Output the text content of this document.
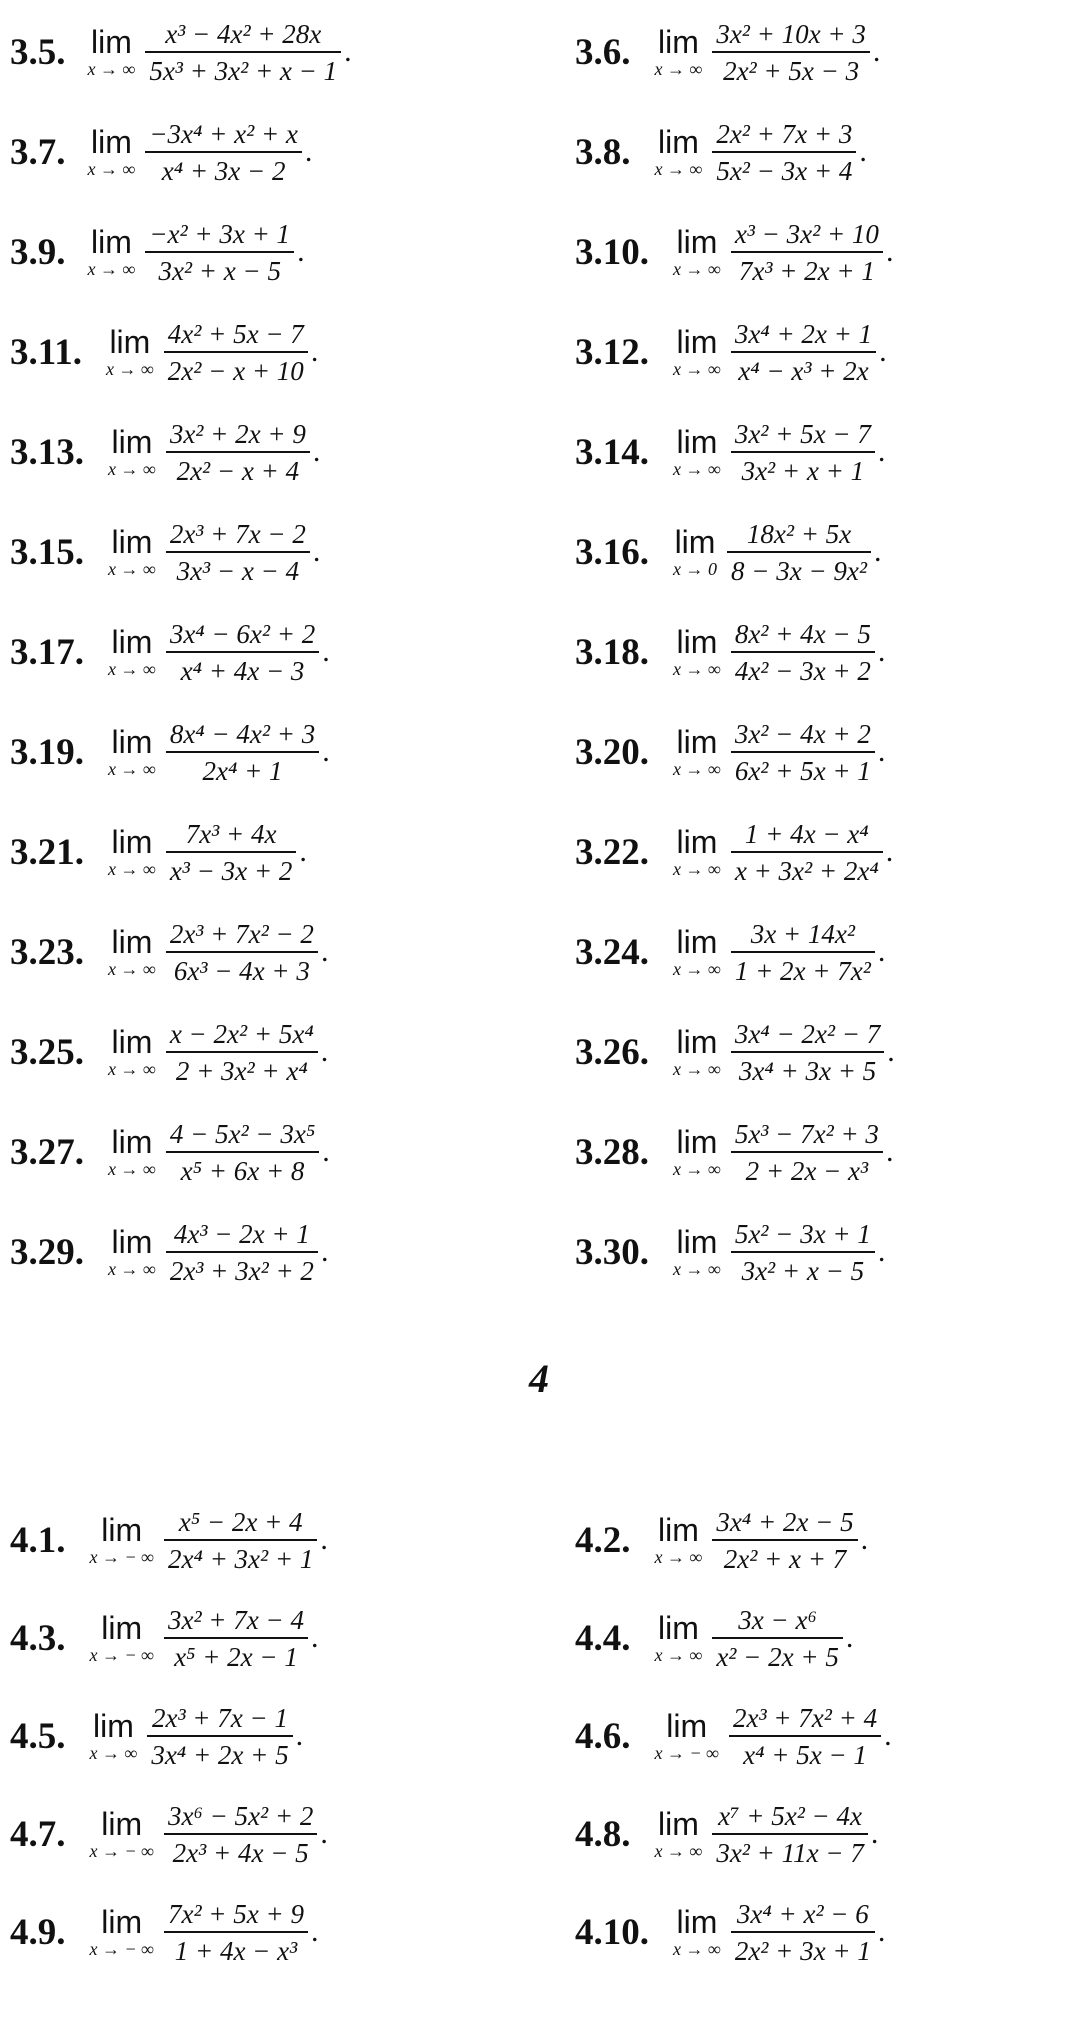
3.5. lim
x → ∞ $\frac{\text{x³ − 4x² + 28x}}{\text{5x³ + 3x² + x − 1}}$ .	3.6. lim
x → ∞ $\frac{\text{3x² + 10x + 3}}{\text{2x² + 5x − 3}}$ .
3.7. lim
x → ∞ $\frac{\text{−3x⁴ + x² + x}}{\text{x⁴ + 3x − 2}}$ .	3.8. lim
x → ∞ $\frac{\text{2x² + 7x + 3}}{\text{5x² − 3x + 4}}$ .
3.9. lim
x → ∞ $\frac{\text{−x² + 3x + 1}}{\text{3x² + x − 5}}$ .	3.10. lim
x → ∞ $\frac{\text{x³ − 3x² + 10}}{\text{7x³ + 2x + 1}}$ .
3.11. lim
x → ∞ $\frac{\text{4x² + 5x − 7}}{\text{2x² − x + 10}}$ .	3.12. lim
x → ∞ $\frac{\text{3x⁴ + 2x + 1}}{\text{x⁴ − x³ + 2x}}$ .
3.13. lim
x → ∞ $\frac{\text{3x² + 2x + 9}}{\text{2x² − x + 4}}$ .	3.14. lim
x → ∞ $\frac{\text{3x² + 5x − 7}}{\text{3x² + x + 1}}$ .
3.15. lim
x → ∞ $\frac{\text{2x³ + 7x − 2}}{\text{3x³ − x − 4}}$ .	3.16. lim
$x \to 0 \frac{\text{18x² + 5x}}{\text{8 − 3x − 9x²}}$ .
3.17. lim
x → ∞ $\frac{\text{3x⁴ − 6x² + 2}}{\text{x⁴ + 4x − 3}}$ .	3.18. lim
x → ∞ $\frac{\text{8x² + 4x − 5}}{\text{4x² − 3x + 2}}$ .
3.19. lim
x → ∞ $\frac{\text{8x⁴ − 4x² + 3}}{\text{2x⁴ + 1}}$ .	3.20. lim
x → ∞ $\frac{\text{3x² − 4x + 2}}{\text{6x² + 5x + 1}}$ .
3.21. lim
x → ∞ $\frac{\text{7x³ + 4x}}{\text{x³ − 3x + 2}}$ .	3.22. lim
x → ∞ $\frac{\text{1 + 4x − x⁴}}{\text{x + 3x² + 2x⁴}}$ .
3.23. lim
x → ∞ $\frac{\text{2x³ + 7x² − 2}}{\text{6x³ − 4x + 3}}$ .	3.24. lim
x → ∞ $\frac{\text{3x + 14x²}}{\text{1 + 2x + 7x²}}$ .
3.25. lim
x → ∞ $\frac{\text{x − 2x² + 5x⁴}}{\text{2 + 3x² + x⁴}}$ .	3.26. lim
x → ∞ $\frac{\text{3x⁴ − 2x² − 7}}{\text{3x⁴ + 3x + 5}}$ .
3.27. lim
x → ∞ $\frac{\text{4 − 5x² − 3x⁵}}{\text{x⁵ + 6x + 8}}$ .	3.28. lim
x → ∞ $\frac{\text{5x³ − 7x² + 3}}{\text{2 + 2x − x³}}$ .
3.29. lim
x → ∞ $\frac{\text{4x³ − 2x + 1}}{\text{2x³ + 3x² + 2}}$ .	3.30. lim
x → ∞ $\frac{\text{5x² − 3x + 1}}{\text{3x² + x − 5}}$ .
4
4.1. lim
x → − ∞ $\frac{\text{x⁵ − 2x + 4}}{\text{2x⁴ + 3x² + 1}}$ .	4.2. lim
x → ∞ $\frac{\text{3x⁴ + 2x − 5}}{\text{2x² + x + 7}}$ .
4.3. lim
x → − ∞ $\frac{\text{3x² + 7x − 4}}{\text{x⁵ + 2x − 1}}$ .	4.4. lim
x → ∞ $\frac{\text{3x − x⁶}}{\text{x² − 2x + 5}}$ .
4.5. lim
x → ∞ $\frac{\text{2x³ + 7x − 1}}{\text{3x⁴ + 2x + 5}}$ .	4.6. lim
x → − ∞ $\frac{\text{2x³ + 7x² + 4}}{\text{x⁴ + 5x − 1}}$ .
4.7. lim
x → − ∞ $\frac{\text{3x⁶ − 5x² + 2}}{\text{2x³ + 4x − 5}}$ .	4.8. lim
x → ∞ $\frac{\text{x⁷ + 5x² − 4x}}{\text{3x² + 11x − 7}}$ .
4.9. lim
x → − ∞ $\frac{\text{7x² + 5x + 9}}{\text{1 + 4x − x³}}$ .	4.10. lim
x → ∞ $\frac{\text{3x⁴ + x² − 6}}{\text{2x² + 3x + 1}}$ .
